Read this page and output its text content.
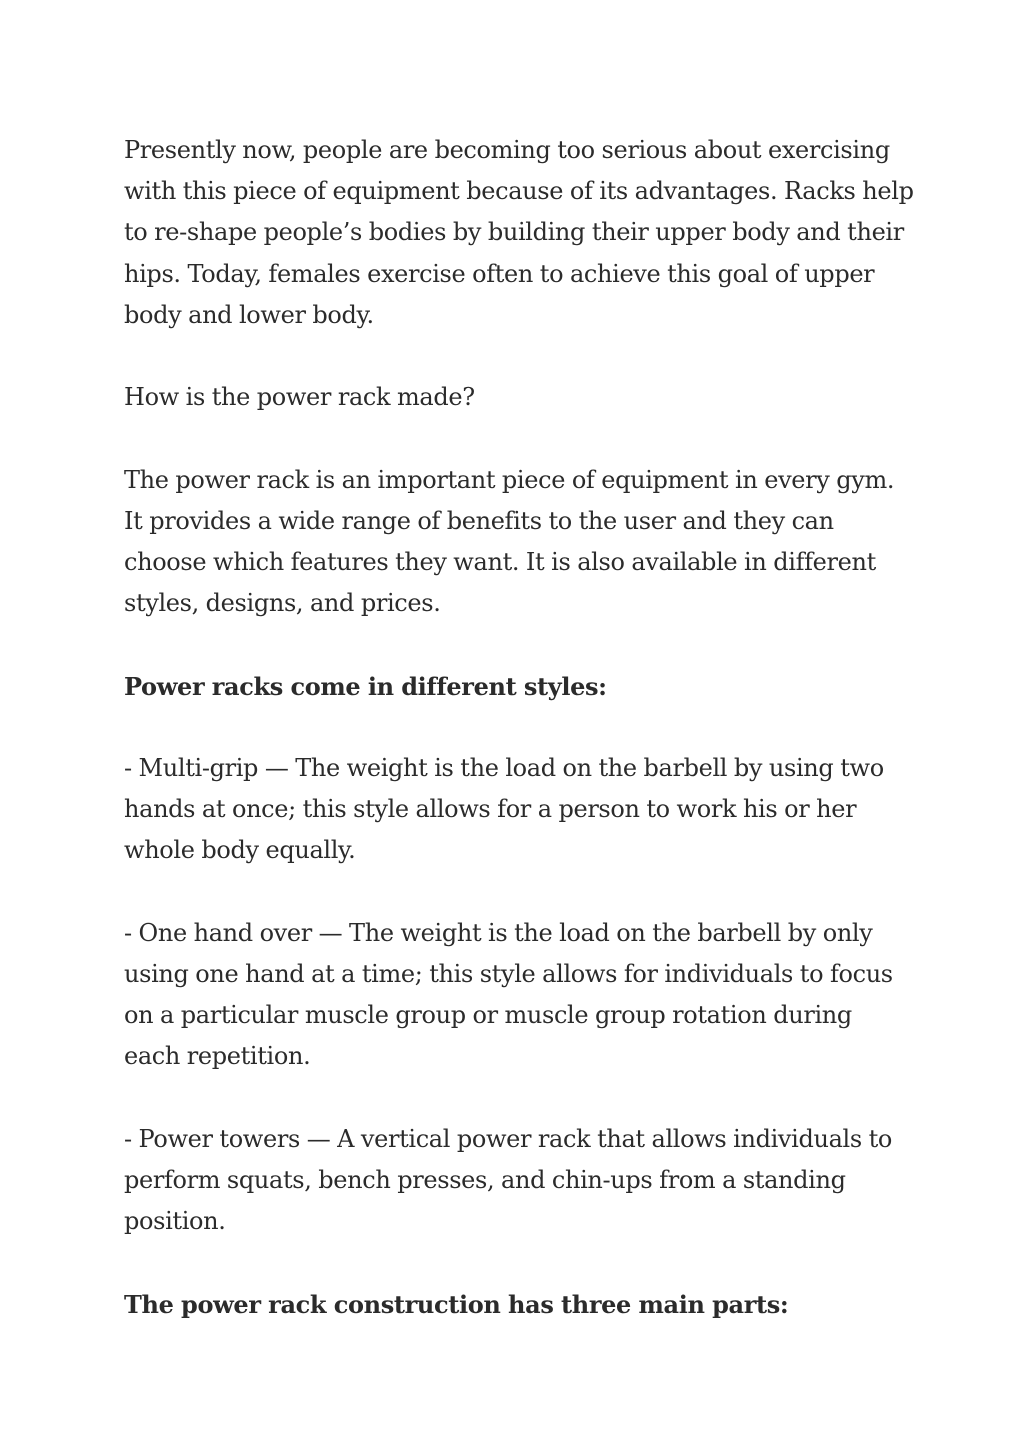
Presently now, people are becoming too serious about exercising with this piece of equipment because of its advantages. Racks help to re-shape people’s bodies by building their upper body and their hips. Today, females exercise often to achieve this goal of upper body and lower body.

How is the power rack made?

The power rack is an important piece of equipment in every gym. It provides a wide range of benefits to the user and they can choose which features they want. It is also available in different styles, designs, and prices.

Power racks come in different styles:

- Multi-grip — The weight is the load on the barbell by using two hands at once; this style allows for a person to work his or her whole body equally.

- One hand over — The weight is the load on the barbell by only using one hand at a time; this style allows for individuals to focus on a particular muscle group or muscle group rotation during each repetition.

- Power towers — A vertical power rack that allows individuals to perform squats, bench presses, and chin-ups from a standing position.

The power rack construction has three main parts:
